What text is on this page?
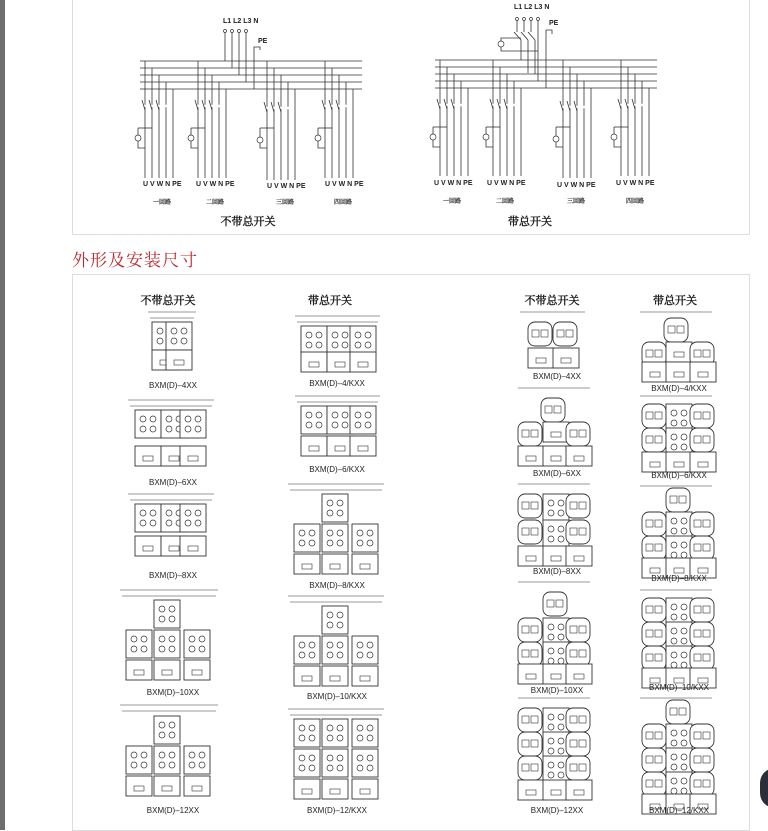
L1 L2 L3 N
PE
U V W N PE U V W N PE	U V W N PE	U V W N PE
一回路	二回路	三回路	四回路
不带总开关
L1 L2 L3 N
PE
U V W N PE U V W N PE	U V W N PE	U V W N PE
一回路	二回路	三回路	四回路
带总开关
外形及安装尺寸
不带总开关	带总开关	不带总开关	带总开关
BXM(D)–4XX
BXM(D)–6XX
BXM(D)–8XX
BXM(D)–10XX
BXM(D)–12XX
BXM(D)–4/KXX
BXM(D)–6/KXX
BXM(D)–8/KXX
BXM(D)–10/KXX
BXM(D)–12/KXX
BXM(D)–4XX
BXM(D)–6XX
BXM(D)–8XX
BXM(D)–10XX
BXM(D)–12XX
BXM(D)–4/KXX
BXM(D)–6/KXX
BXM(D)–8/KXX
BXM(D)–10/KXX
BXM(D)–12/KXX
